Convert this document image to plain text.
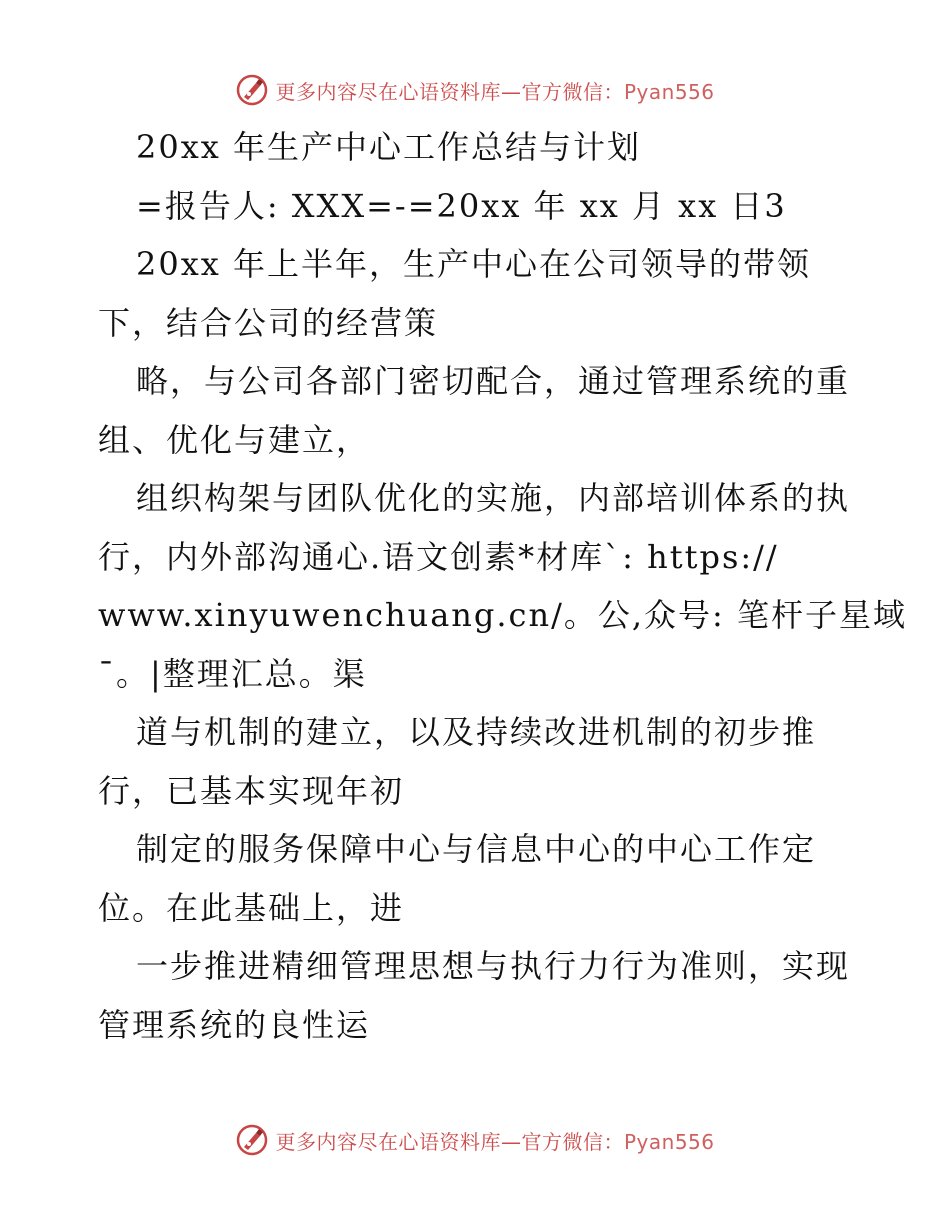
更多内容尽在心语资料库—官方微信：Pyan556
20xx 年生产中心工作总结与计划
=报告人: XXX=-=20xx 年 xx 月 xx 日3
20xx 年上半年，生产中心在公司领导的带领
下，结合公司的经营策
略，与公司各部门密切配合，通过管理系统的重
组、优化与建立，
组织构架与团队优化的实施，内部培训体系的执
行，内外部沟通心.语文创素*材库`: https://
www.xinyuwenchuang.cn/。公,众号: 笔杆子星域
¯。|整理汇总。渠
道与机制的建立，以及持续改进机制的初步推
行，已基本实现年初
制定的服务保障中心与信息中心的中心工作定
位。在此基础上，进
一步推进精细管理思想与执行力行为准则，实现
管理系统的良性运
更多内容尽在心语资料库—官方微信：Pyan556
